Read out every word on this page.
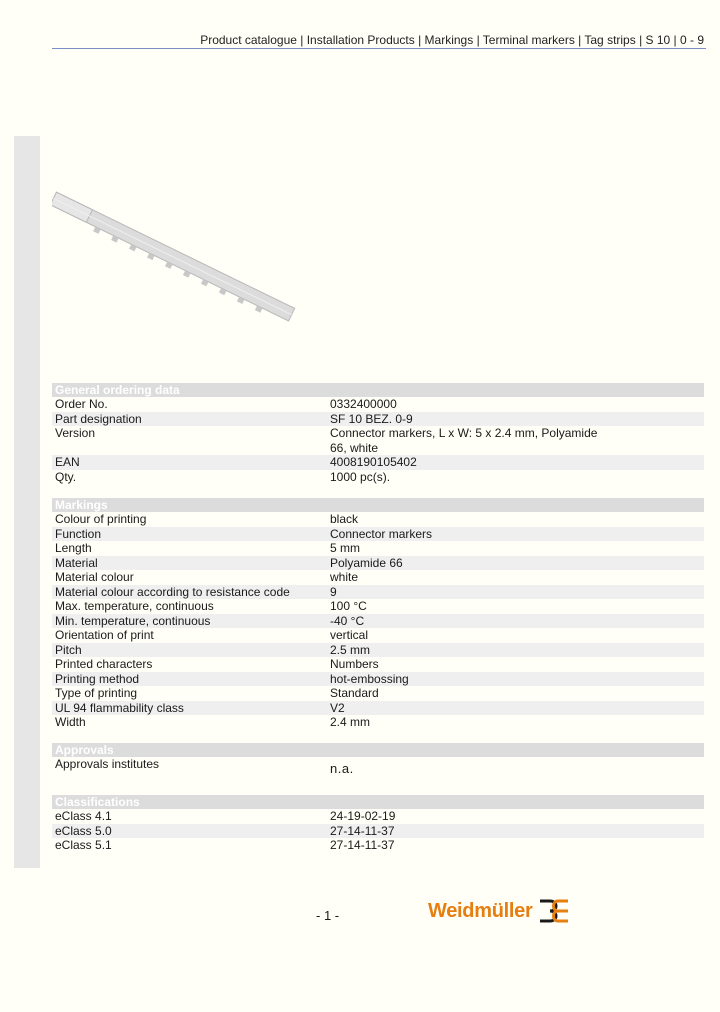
Product catalogue | Installation Products | Markings | Terminal markers | Tag strips | S 10 | 0 - 9
General ordering data
Order No.	0332400000
Part designation	SF 10 BEZ. 0-9
Version	Connector markers, L x W: 5 x 2.4 mm, Polyamide
66, white
EAN	4008190105402
Qty.	1000 pc(s).
Markings
Colour of printing	black
Function	Connector markers
Length	5 mm
Material	Polyamide 66
Material colour	white
Material colour according to resistance code	9
Max. temperature, continuous	100 °C
Min. temperature, continuous	-40 °C
Orientation of print	vertical
Pitch	2.5 mm
Printed characters	Numbers
Printing method	hot-embossing
Type of printing	Standard
UL 94 flammability class	V2
Width	2.4 mm
Approvals
Approvals institutes	n.a.
Classifications
eClass 4.1	24-19-02-19
eClass 5.0	27-14-11-37
eClass 5.1	27-14-11-37
- 1 -	Weidmüller
